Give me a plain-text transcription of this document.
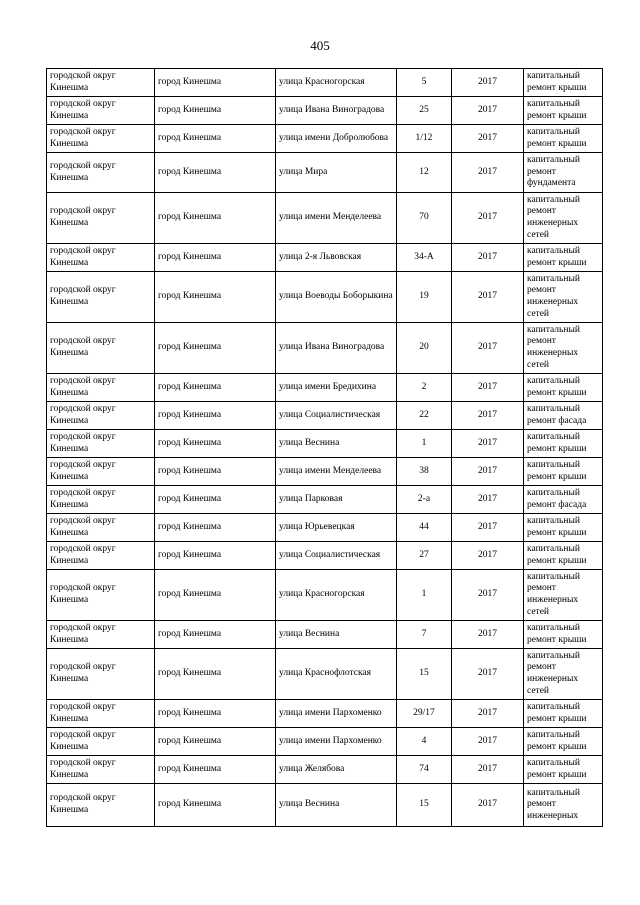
405
городской округ Кинешма	город Кинешма	улица Красногорская	5	2017	капитальный ремонт крыши
городской округ Кинешма	город Кинешма	улица Ивана Виноградова	25	2017	капитальный ремонт крыши
городской округ Кинешма	город Кинешма	улица имени Добролюбова	1/12	2017	капитальный ремонт крыши
городской округ Кинешма	город Кинешма	улица Мира	12	2017	капитальный ремонт фундамента
городской округ Кинешма	город Кинешма	улица имени Менделеева	70	2017	капитальный ремонт инженерных сетей
городской округ Кинешма	город Кинешма	улица 2-я Львовская	34-А	2017	капитальный ремонт крыши
городской округ Кинешма	город Кинешма	улица Воеводы Боборыкина	19	2017	капитальный ремонт инженерных сетей
городской округ Кинешма	город Кинешма	улица Ивана Виноградова	20	2017	капитальный ремонт инженерных сетей
городской округ Кинешма	город Кинешма	улица имени Бредихина	2	2017	капитальный ремонт крыши
городской округ Кинешма	город Кинешма	улица Социалистическая	22	2017	капитальный ремонт фасада
городской округ Кинешма	город Кинешма	улица Веснина	1	2017	капитальный ремонт крыши
городской округ Кинешма	город Кинешма	улица имени Менделеева	38	2017	капитальный ремонт крыши
городской округ Кинешма	город Кинешма	улица Парковая	2-а	2017	капитальный ремонт фасада
городской округ Кинешма	город Кинешма	улица Юрьевецкая	44	2017	капитальный ремонт крыши
городской округ Кинешма	город Кинешма	улица Социалистическая	27	2017	капитальный ремонт крыши
городской округ Кинешма	город Кинешма	улица Красногорская	1	2017	капитальный ремонт инженерных сетей
городской округ Кинешма	город Кинешма	улица Веснина	7	2017	капитальный ремонт крыши
городской округ Кинешма	город Кинешма	улица Краснофлотская	15	2017	капитальный ремонт инженерных сетей
городской округ Кинешма	город Кинешма	улица имени Пархоменко	29/17	2017	капитальный ремонт крыши
городской округ Кинешма	город Кинешма	улица имени Пархоменко	4	2017	капитальный ремонт крыши
городской округ Кинешма	город Кинешма	улица Желябова	74	2017	капитальный ремонт крыши
городской округ Кинешма	город Кинешма	улица Веснина	15	2017	капитальный ремонт инженерных
